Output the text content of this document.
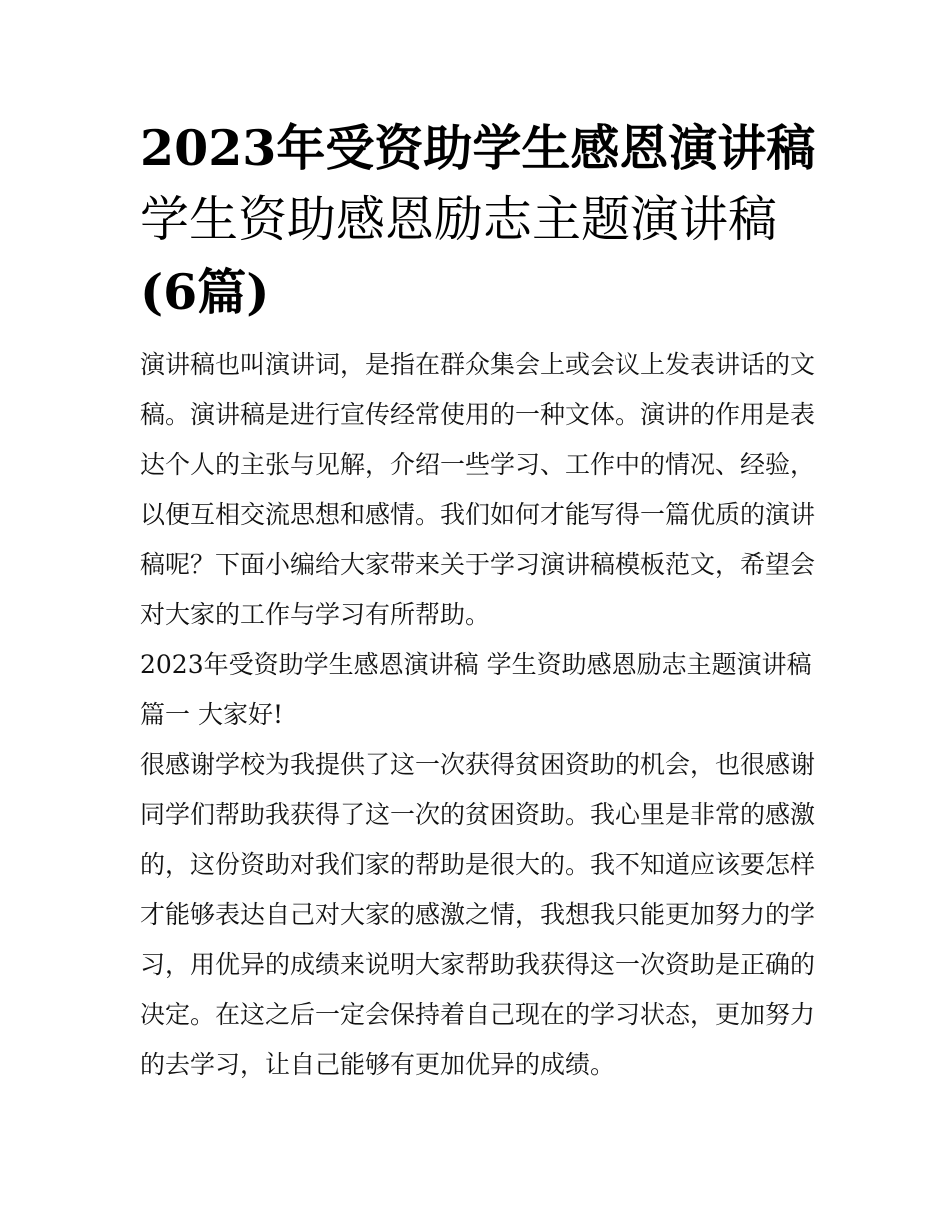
2023年受资助学生感恩演讲稿
学生资助感恩励志主题演讲稿
(6篇)

演讲稿也叫演讲词，是指在群众集会上或会议上发表讲话的文
稿。演讲稿是进行宣传经常使用的一种文体。演讲的作用是表
达个人的主张与见解，介绍一些学习、工作中的情况、经验，
以便互相交流思想和感情。我们如何才能写得一篇优质的演讲
稿呢？下面小编给大家带来关于学习演讲稿模板范文，希望会
对大家的工作与学习有所帮助。

2023年受资助学生感恩演讲稿 学生资助感恩励志主题演讲稿
篇一 大家好!

很感谢学校为我提供了这一次获得贫困资助的机会，也很感谢
同学们帮助我获得了这一次的贫困资助。我心里是非常的感激
的，这份资助对我们家的帮助是很大的。我不知道应该要怎样
才能够表达自己对大家的感激之情，我想我只能更加努力的学
习，用优异的成绩来说明大家帮助我获得这一次资助是正确的
决定。在这之后一定会保持着自己现在的学习状态，更加努力
的去学习，让自己能够有更加优异的成绩。
